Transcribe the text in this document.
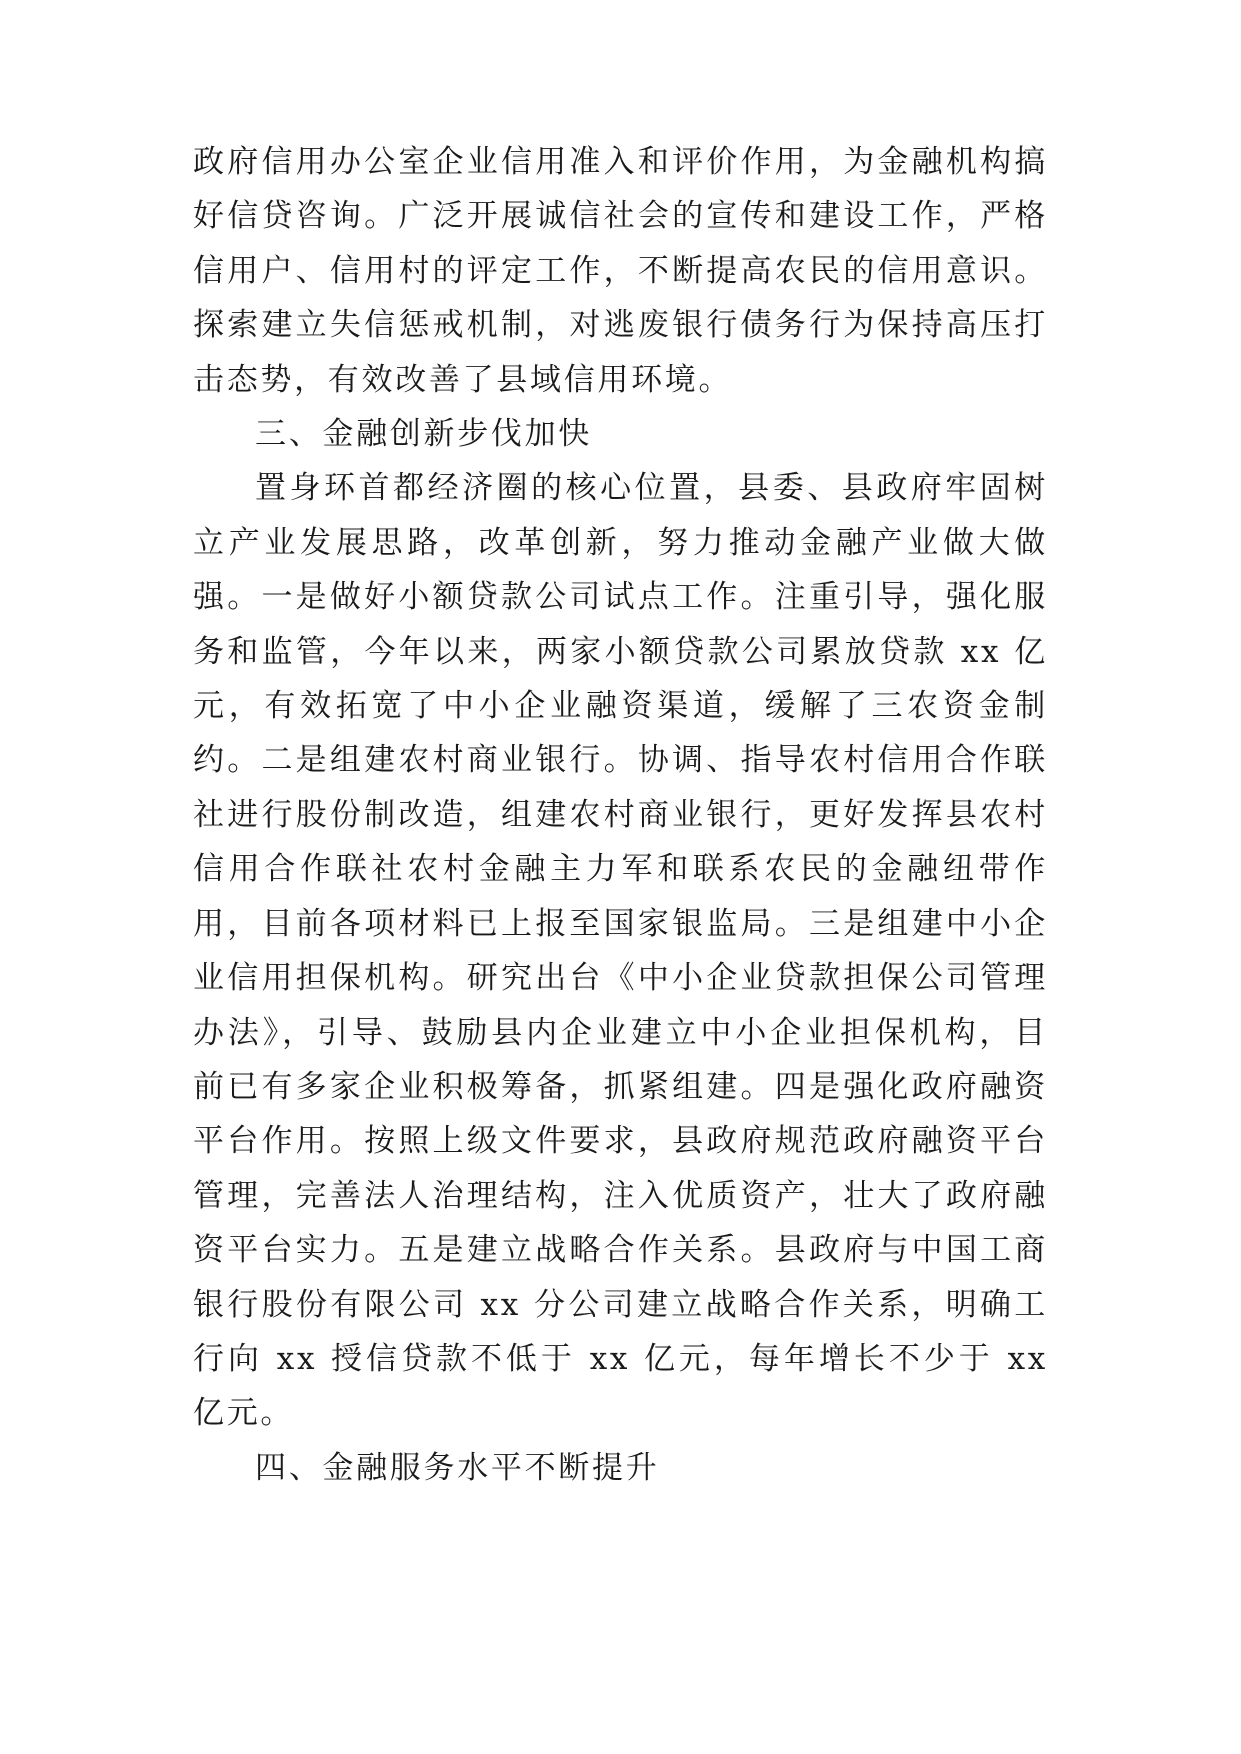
政府信用办公室企业信用准入和评价作用，为金融机构搞好信贷咨询。广泛开展诚信社会的宣传和建设工作，严格信用户、信用村的评定工作，不断提高农民的信用意识。探索建立失信惩戒机制，对逃废银行债务行为保持高压打击态势，有效改善了县域信用环境。

三、金融创新步伐加快

置身环首都经济圈的核心位置，县委、县政府牢固树立产业发展思路，改革创新，努力推动金融产业做大做强。一是做好小额贷款公司试点工作。注重引导，强化服务和监管，今年以来，两家小额贷款公司累放贷款 xx 亿元，有效拓宽了中小企业融资渠道，缓解了三农资金制约。二是组建农村商业银行。协调、指导农村信用合作联社进行股份制改造，组建农村商业银行，更好发挥县农村信用合作联社农村金融主力军和联系农民的金融纽带作用，目前各项材料已上报至国家银监局。三是组建中小企业信用担保机构。研究出台《中小企业贷款担保公司管理办法》，引导、鼓励县内企业建立中小企业担保机构，目前已有多家企业积极筹备，抓紧组建。四是强化政府融资平台作用。按照上级文件要求，县政府规范政府融资平台管理，完善法人治理结构，注入优质资产，壮大了政府融资平台实力。五是建立战略合作关系。县政府与中国工商银行股份有限公司 xx 分公司建立战略合作关系，明确工行向 xx 授信贷款不低于 xx 亿元，每年增长不少于 xx 亿元。

四、金融服务水平不断提升
